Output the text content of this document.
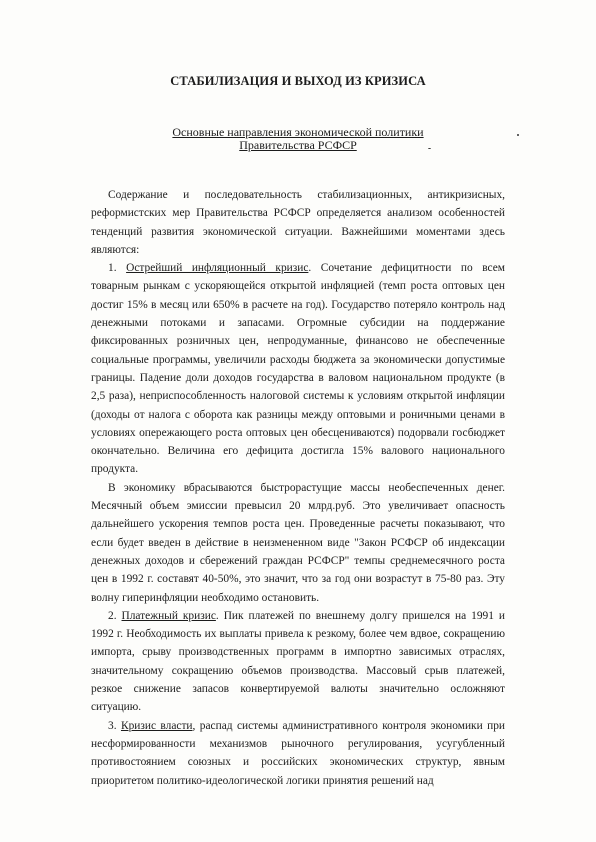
СТАБИЛИЗАЦИЯ И ВЫХОД ИЗ КРИЗИСА
Основные направления экономической политики
Правительства РСФСР

Содержание и последовательность стабилизационных, антикризисных, реформистских мер Правительства РСФСР определяется анализом особенностей тенденций развития экономической ситуации. Важнейшими моментами здесь являются:

1. Острейший инфляционный кризис. Сочетание дефицитности по всем товарным рынкам с ускоряющейся открытой инфляцией (темп роста оптовых цен достиг 15% в месяц или 650% в расчете на год). Государство потеряло контроль над денежными потоками и запасами. Огромные субсидии на поддержание фиксированных розничных цен, непродуманные, финансово не обеспеченные социальные программы, увеличили расходы бюджета за экономически допустимые границы. Падение доли доходов государства в валовом национальном продукте (в 2,5 раза), неприспособленность налоговой системы к условиям открытой инфляции (доходы от налога с оборота как разницы между оптовыми и роничными ценами в условиях опережающего роста оптовых цен обесцениваются) подорвали госбюджет окончательно. Величина его дефицита достигла 15% валового национального продукта.

В экономику вбрасываются быстрорастущие массы необеспеченных денег. Месячный объем эмиссии превысил 20 млрд.руб. Это увеличивает опасность дальнейшего ускорения темпов роста цен. Проведенные расчеты показывают, что если будет введен в действие в неизмененном виде "Закон РСФСР об индексации денежных доходов и сбережений граждан РСФСР" темпы среднемесячного роста цен в 1992 г. составят 40-50%, это значит, что за год они возрастут в 75-80 раз. Эту волну гиперинфляции необходимо остановить.

2. Платежный кризис. Пик платежей по внешнему долгу пришелся на 1991 и 1992 г. Необходимость их выплаты привела к резкому, более чем вдвое, сокращению импорта, срыву производственных программ в импортно зависимых отраслях, значительному сокращению объемов производства. Массовый срыв платежей, резкое снижение запасов конвертируемой валюты значительно осложняют ситуацию.

3. Кризис власти, распад системы административного контроля экономики при несформированности механизмов рыночного регулирования, усугубленный противостоянием союзных и российских экономических структур, явным приоритетом политико-идеологической логики принятия решений над
